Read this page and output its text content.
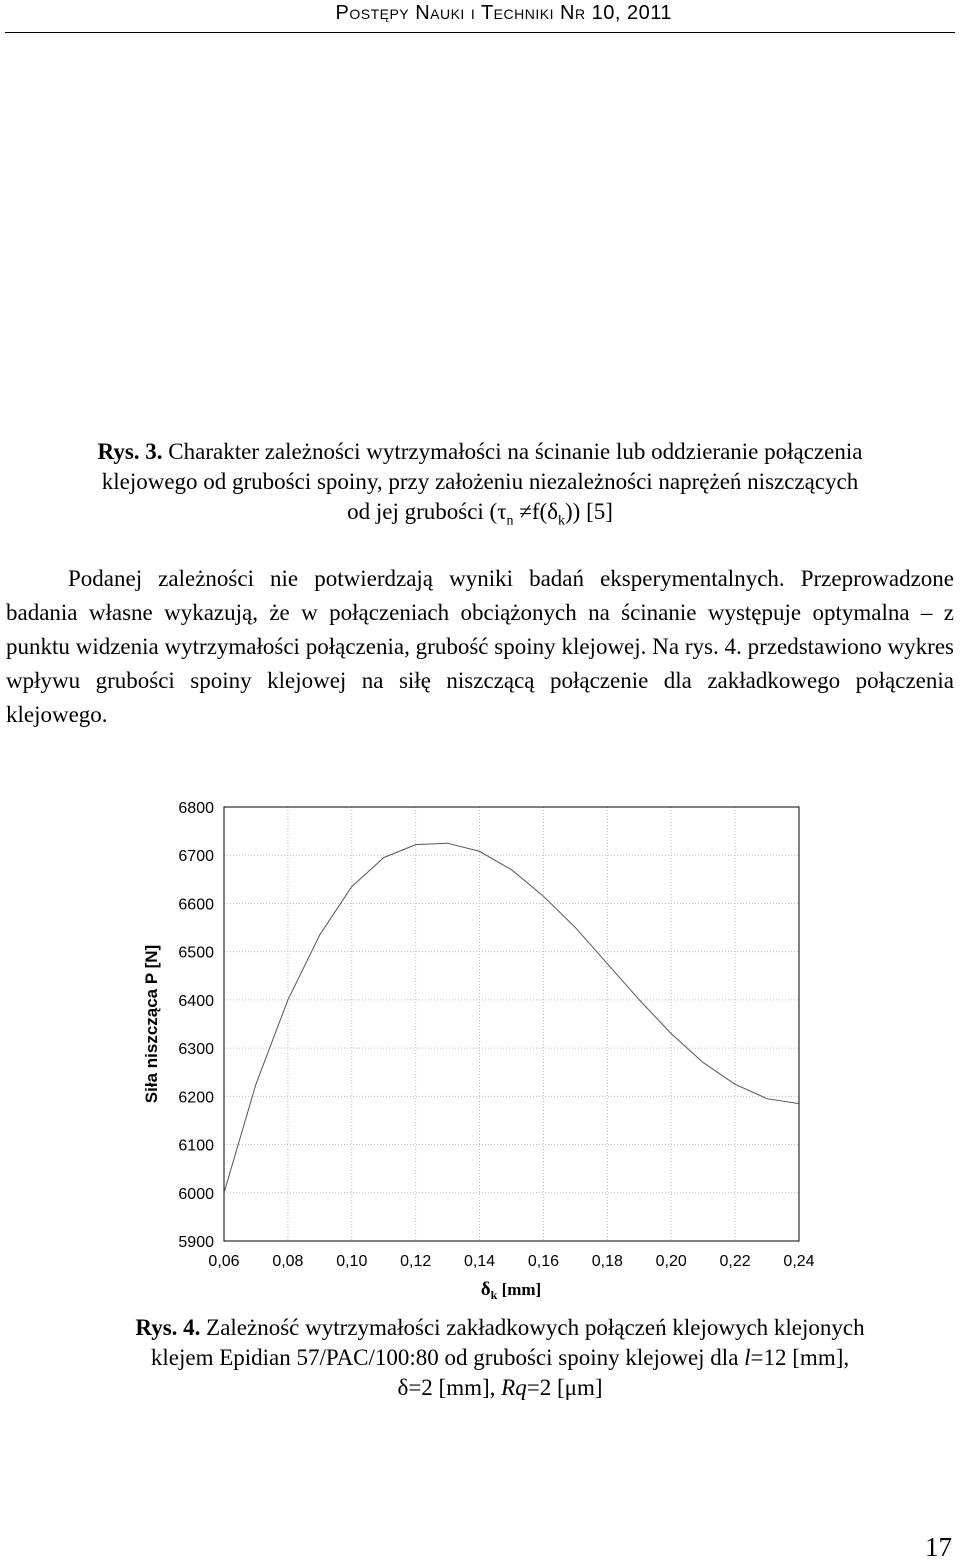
Postępy Nauki i Techniki Nr 10, 2011
Rys. 3. Charakter zależności wytrzymałości na ścinanie lub oddzieranie połączenia
klejowego od grubości spoiny, przy założeniu niezależności naprężeń niszczących
od jej grubości $(\tau_n \ne f(\delta_k))$ [5]

Podanej zależności nie potwierdzają wyniki badań eksperymentalnych. Przeprowadzone badania własne wykazują, że w połączeniach obciążonych na ścinanie występuje optymalna – z punktu widzenia wytrzymałości połączenia, grubość spoiny klejowej. Na rys. 4. przedstawiono wykres wpływu grubości spoiny klejowej na siłę niszczącą połączenie dla zakładkowego połączenia klejowego.

5900
6000
6100
6200
6300
6400
6500
6600
6700
6800
0,06 0,08 0,10 0,12 0,14 0,16 0,18 0,20 0,22 0,24
Siła niszcząca P [N]
$\delta_k$ [mm]
Rys. 4. Zależność wytrzymałości zakładkowych połączeń klejowych klejonych
klejem Epidian 57/PAC/100:80 od grubości spoiny klejowej dla l=12 [mm],
δ=2 [mm], Rq=2 [μm]
17
